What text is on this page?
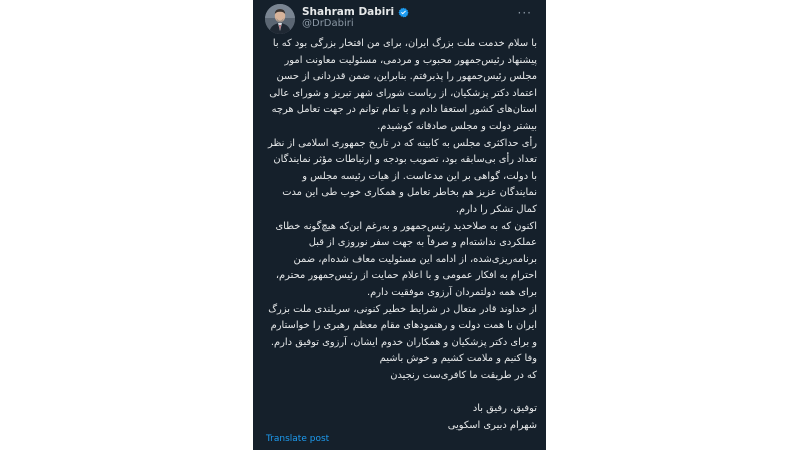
Shahram Dabiri
@DrDabiri
···

با سلام خدمت ملت بزرگ ایران، برای من افتخار بزرگی بود که با پیشنهاد رئیس‌جمهور محبوب و مردمی، مسئولیت معاونت امور مجلس رئیس‌جمهور را پذیرفتم. بنابراین، ضمن قدردانی از حسن اعتماد دکتر پزشکیان، از ریاست شورای شهر تبریز و شورای عالی استان‌های کشور استعفا دادم و با تمام توانم در جهت تعامل هرچه بیشتر دولت و مجلس صادقانه کوشیدم.

رأی حداکثری مجلس به کابینه که در تاریخ جمهوری اسلامی از نظر تعداد رأی بی‌سابقه بود، تصویب بودجه و ارتباطات مؤثر نمایندگان با دولت، گواهی بر این مدعاست. از هیات رئیسه مجلس و نمایندگان عزیز هم بخاطر تعامل و همکاری خوب طی این مدت کمال تشکر را دارم.

اکنون که به صلاحدید رئیس‌جمهور و به‌رغم این‌که هیچ‌گونه خطای عملکردی نداشته‌ام و صرفاً به جهت سفر نوروزی از قبل برنامه‌ریزی‌شده، از ادامه این مسئولیت معاف شده‌ام، ضمن احترام به افکار عمومی و با اعلام حمایت از رئیس‌جمهور محترم، برای همه دولتمردان آرزوی موفقیت دارم.

از خداوند قادر متعال در شرایط خطیر کنونی، سربلندی ملت بزرگ ایران با همت دولت و رهنمودهای مقام معظم رهبری را خواستارم و برای دکتر پزشکیان و همکاران خدوم ایشان، آرزوی توفیق دارم.

وفا کنیم و ملامت کشیم و خوش باشیم

که در طریقت ما کافری‌ست رنجیدن

توفیق، رفیق باد

شهرام دبیری اسکویی

Translate post
